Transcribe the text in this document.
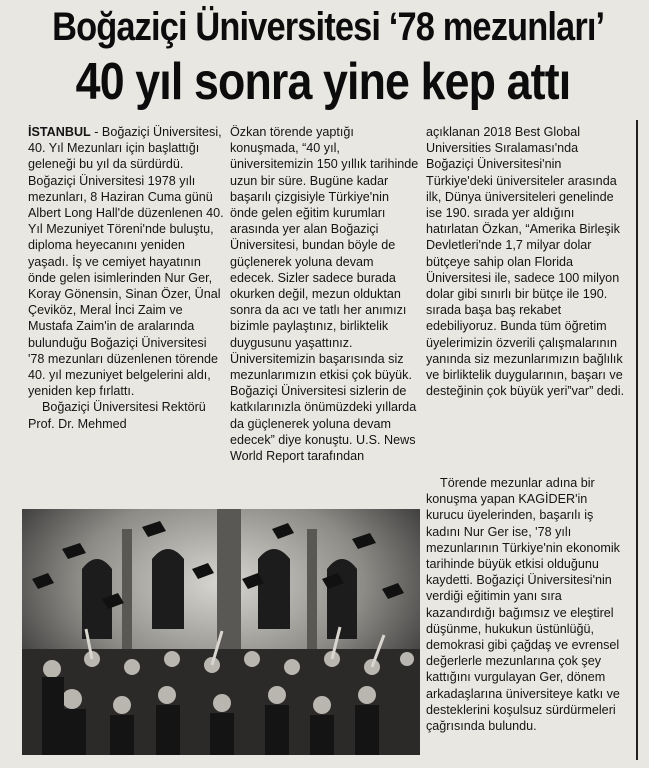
Boğaziçi Üniversitesi ‘78 mezunları’
40 yıl sonra yine kep attı

İSTANBUL - Boğaziçi Üniversitesi, 40. Yıl Mezunları için başlattığı geleneği bu yıl da sürdürdü. Boğaziçi Üniversitesi 1978 yılı mezunları, 8 Haziran Cuma günü Albert Long Hall'de düzenlenen 40. Yıl Mezuniyet Töreni'nde buluştu, diploma heyecanını yeniden yaşadı. İş ve cemiyet hayatının önde gelen isimlerinden Nur Ger, Koray Gönensin, Sinan Özer, Ünal Çeviköz, Meral İnci Zaim ve Mustafa Zaim'in de aralarında bulunduğu Boğaziçi Üniversitesi '78 mezunları düzenlenen törende 40. yıl mezuniyet belgelerini aldı, yeniden kep fırlattı.

Boğaziçi Üniversitesi Rektörü Prof. Dr. Mehmed

Özkan törende yaptığı konuşmada, “40 yıl, üniversitemizin 150 yıllık tarihinde uzun bir süre. Bugüne kadar başarılı çizgisiyle Türkiye'nin önde gelen eğitim kurumları arasında yer alan Boğaziçi Üniversitesi, bundan böyle de güçlenerek yoluna devam edecek. Sizler sadece burada okurken değil, mezun olduktan sonra da acı ve tatlı her anımızı bizimle paylaştınız, birliktelik duygusunu yaşattınız. Üniversitemizin başarısında siz mezunlarımızın etkisi çok büyük. Boğaziçi Üniversitesi sizlerin de katkılarınızla önümüzdeki yıllarda da güçlenerek yoluna devam edecek” diye konuştu. U.S. News World Report tarafından

açıklanan 2018 Best Global Universities Sıralaması'nda Boğaziçi Üniversitesi'nin Türkiye'deki üniversiteler arasında ilk, Dünya üniversiteleri genelinde ise 190. sırada yer aldığını hatırlatan Özkan, “Amerika Birleşik Devletleri'nde 1,7 milyar dolar bütçeye sahip olan Florida Üniversitesi ile, sadece 100 milyon dolar gibi sınırlı bir bütçe ile 190. sırada başa baş rekabet edebiliyoruz. Bunda tüm öğretim üyelerimizin özverili çalışmalarının yanında siz mezunlarımızın bağlılık ve birliktelik duygularının, başarı ve desteğinin çok büyük yeri”var” dedi.

Törende mezunlar adına bir konuşma yapan KAGİDER'in kurucu üyelerinden, başarılı iş kadını Nur Ger ise, '78 yılı mezunlarının Türkiye'nin ekonomik tarihinde büyük etkisi olduğunu kaydetti. Boğaziçi Üniversitesi'nin verdiği eğitimin yanı sıra kazandırdığı bağımsız ve eleştirel düşünme, hukukun üstünlüğü, demokrasi gibi çağdaş ve evrensel değerlerle mezunlarına çok şey kattığını vurgulayan Ger, dönem arkadaşlarına üniversiteye katkı ve desteklerini koşulsuz sürdürmeleri çağrısında bulundu.
